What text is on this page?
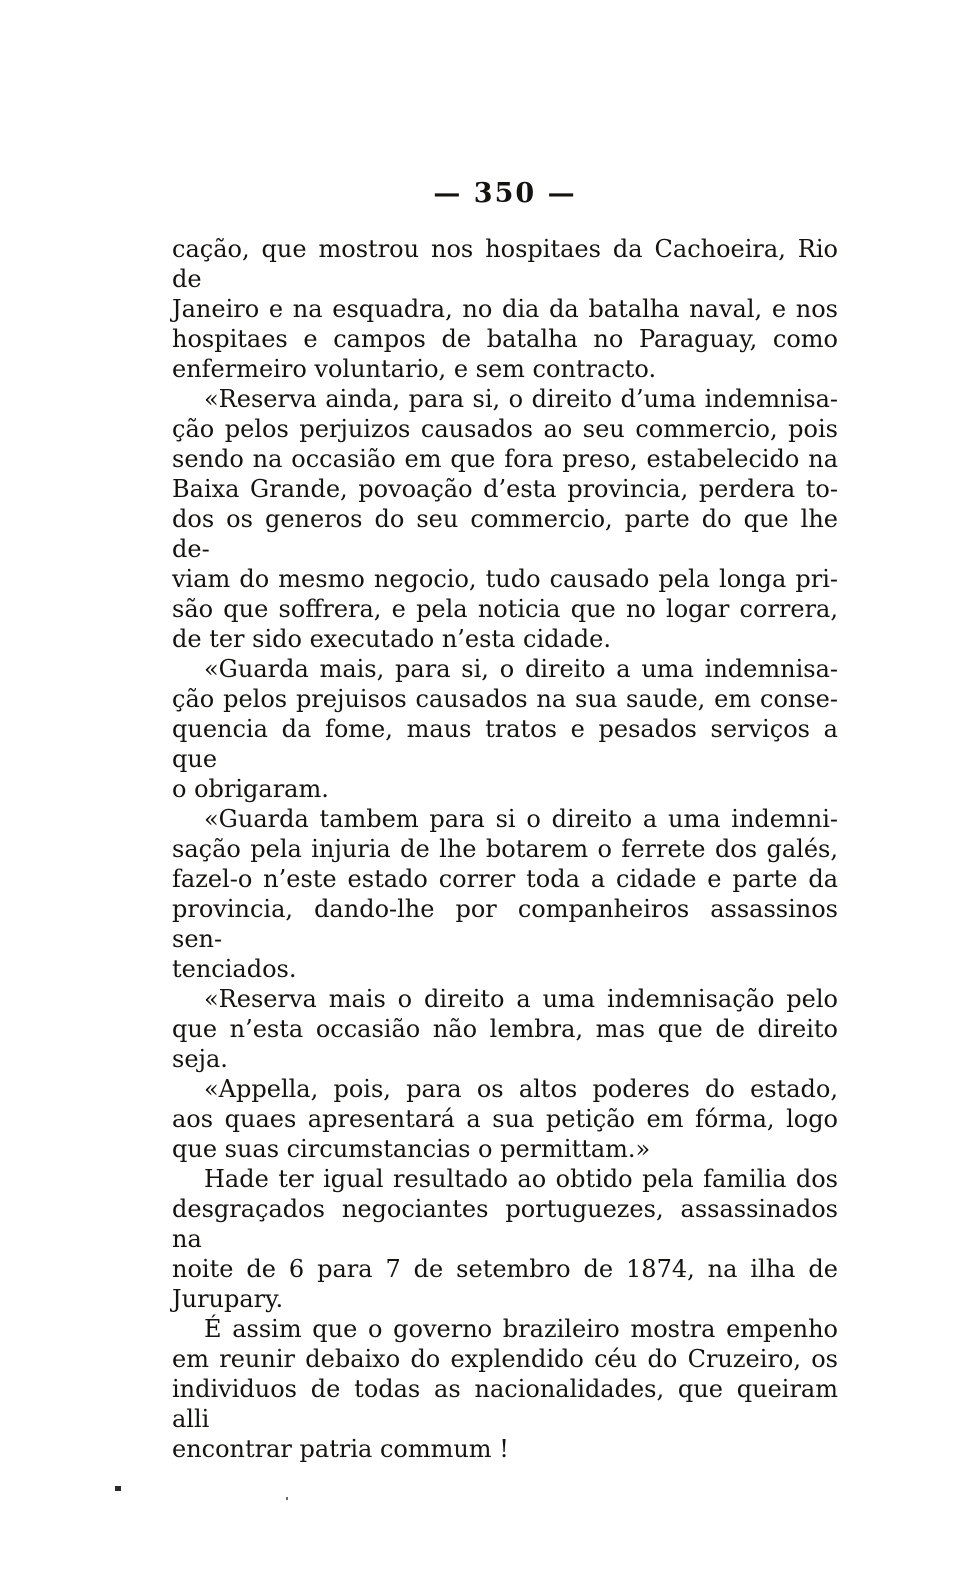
— 350 —
cação, que mostrou nos hospitaes da Cachoeira, Rio de
Janeiro e na esquadra, no dia da batalha naval, e nos
hospitaes e campos de batalha no Paraguay, como
enfermeiro voluntario, e sem contracto.
«Reserva ainda, para si, o direito d’uma indemnisa-
ção pelos perjuizos causados ao seu commercio, pois
sendo na occasião em que fora preso, estabelecido na
Baixa Grande, povoação d’esta provincia, perdera to-
dos os generos do seu commercio, parte do que lhe de-
viam do mesmo negocio, tudo causado pela longa pri-
são que soffrera, e pela noticia que no logar correra,
de ter sido executado n’esta cidade.
«Guarda mais, para si, o direito a uma indemnisa-
ção pelos prejuisos causados na sua saude, em conse-
quencia da fome, maus tratos e pesados serviços a que
o obrigaram.
«Guarda tambem para si o direito a uma indemni-
sação pela injuria de lhe botarem o ferrete dos galés,
fazel-o n’este estado correr toda a cidade e parte da
provincia, dando-lhe por companheiros assassinos sen-
tenciados.
«Reserva mais o direito a uma indemnisação pelo
que n’esta occasião não lembra, mas que de direito
seja.
«Appella, pois, para os altos poderes do estado,
aos quaes apresentará a sua petição em fórma, logo
que suas circumstancias o permittam.»
Hade ter igual resultado ao obtido pela familia dos
desgraçados negociantes portuguezes, assassinados na
noite de 6 para 7 de setembro de 1874, na ilha de
Jurupary.
É assim que o governo brazileiro mostra empenho
em reunir debaixo do explendido céu do Cruzeiro, os
individuos de todas as nacionalidades, que queiram alli
encontrar patria commum !
